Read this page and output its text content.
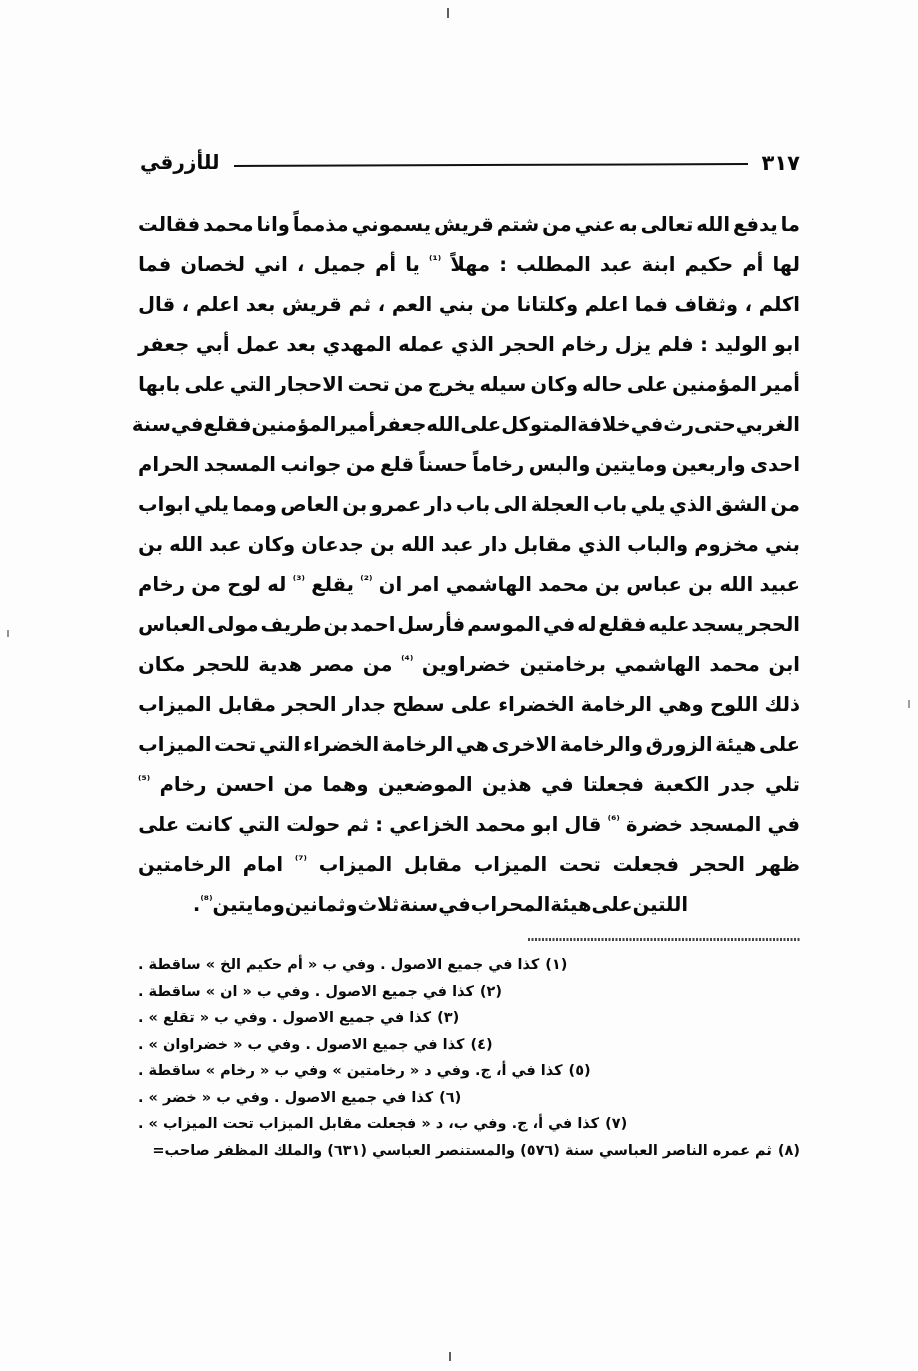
للأزرقي	٣١٧
ما
يدفع
الله
تعالى
به
عني
من
شتم
قريش
يسموني
مذمماً
وانا
محمد
فقالت
لها
أم
حكيم
ابنة
عبد
المطلب
:
مهلاً
⁽¹⁾
يا
أم
جميل
،
اني
لخصان
فما
اكلم
،
وثقاف
فما
اعلم
وكلتانا
من
بني
العم
،
ثم
قريش
بعد
اعلم
،
قال
ابو
الوليد
:
فلم
يزل
رخام
الحجر
الذي
عمله
المهدي
بعد
عمل
أبي
جعفر
أمير
المؤمنين
على
حاله
وكان
سيله
يخرج
من
تحت
الاحجار
التي
على
بابها
الغربي
حتى
رث
في
خلافة
المتوكل
على
الله
جعفر
أمير
المؤمنين
فقلع
في
سنة
احدى
واربعين
ومايتين
والبس
رخاماً
حسناً
قلع
من
جوانب
المسجد
الحرام
من
الشق
الذي
يلي
باب
العجلة
الى
باب
دار
عمرو
بن
العاص
ومما
يلي
ابواب
بني
مخزوم
والباب
الذي
مقابل
دار
عبد
الله
بن
جدعان
وكان
عبد
الله
بن
عبيد
الله
بن
عباس
بن
محمد
الهاشمي
امر
ان
⁽²⁾
يقلع
⁽³⁾
له
لوح
من
رخام
الحجر
يسجد
عليه
فقلع
له
في
الموسم
فأرسل
احمد
بن
طريف
مولى
العباس
ابن
محمد
الهاشمي
برخامتين
خضراوين
⁽⁴⁾
من
مصر
هدية
للحجر
مكان
ذلك
اللوح
وهي
الرخامة
الخضراء
على
سطح
جدار
الحجر
مقابل
الميزاب
على
هيئة
الزورق
والرخامة
الاخرى
هي
الرخامة
الخضراء
التي
تحت
الميزاب
تلي
جدر
الكعبة
فجعلتا
في
هذين
الموضعين
وهما
من
احسن
رخام
⁽⁵⁾
في
المسجد
خضرة
⁽⁶⁾
قال
ابو
محمد
الخزاعي
:
ثم
حولت
التي
كانت
على
ظهر
الحجر
فجعلت
تحت
الميزاب
مقابل
الميزاب
⁽⁷⁾
امام
الرخامتين
اللتين
على
هيئة
المحراب
في
سنة
ثلاث
وثمانين
ومايتين
⁽⁸⁾
.
(١)كذا في جميع الاصول . وفي ب « أم حكيم الخ » ساقطة .
(٢)كذا في جميع الاصول . وفي ب « ان » ساقطة .
(٣)كذا في جميع الاصول . وفي ب « تقلع » .
(٤)كذا في جميع الاصول . وفي ب « خضراوان » .
(٥)كذا في أ، ج. وفي د « رخامتين » وفي ب « رخام » ساقطة .
(٦)كذا في جميع الاصول . وفي ب « خضر » .
(٧)كذا في أ، ج. وفي ب، د « فجعلت مقابل الميزاب تحت الميزاب » .
(٨)ثم عمره الناصر العباسي سنة (٥٧٦) والمستنصر العباسي (٦٣١) والملك المظفر صاحب=
